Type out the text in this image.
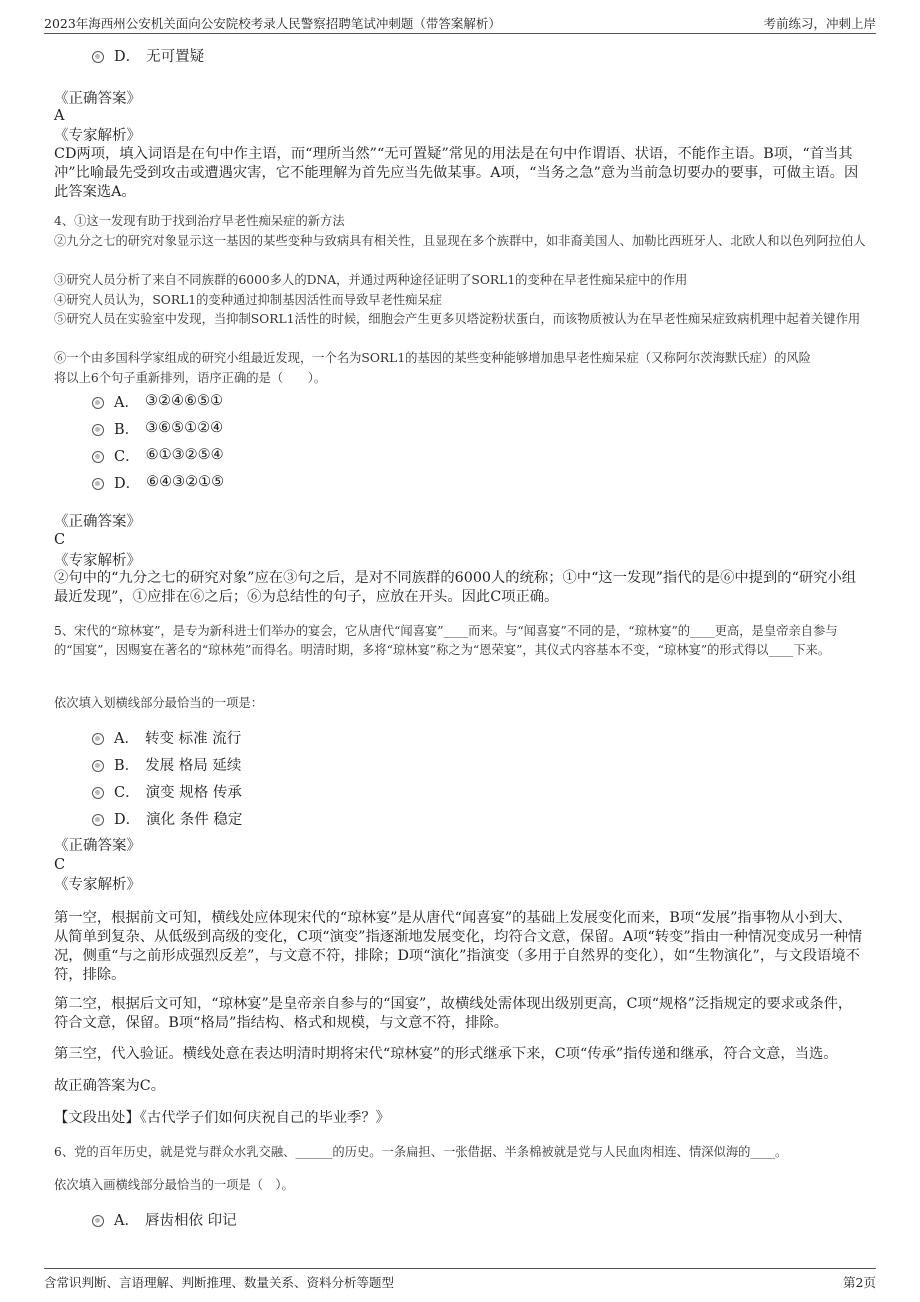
2023年海西州公安机关面向公安院校考录人民警察招聘笔试冲刺题（带答案解析）	考前练习，冲刺上岸
D． 无可置疑
《正确答案》
A
《专家解析》
CD两项，填入词语是在句中作主语，而“理所当然”“无可置疑”常见的用法是在句中作谓语、状语，不能作主语。B项，“首当其冲”比喻最先受到攻击或遭遇灾害，它不能理解为首先应当先做某事。A项，“当务之急”意为当前急切要办的要事，可做主语。因此答案选A。
4、①这一发现有助于找到治疗早老性痴呆症的新方法
②九分之七的研究对象显示这一基因的某些变种与致病具有相关性，且显现在多个族群中，如非裔美国人、加勒比西班牙人、北欧人和以色列阿拉伯人
③研究人员分析了来自不同族群的6000多人的DNA，并通过两种途径证明了SORL1的变种在早老性痴呆症中的作用
④研究人员认为，SORL1的变种通过抑制基因活性而导致早老性痴呆症
⑤研究人员在实验室中发现，当抑制SORL1活性的时候，细胞会产生更多贝塔淀粉状蛋白，而该物质被认为在早老性痴呆症致病机理中起着关键作用
⑥一个由多国科学家组成的研究小组最近发现，一个名为SORL1的基因的某些变种能够增加患早老性痴呆症（又称阿尔茨海默氏症）的风险
将以上6个句子重新排列，语序正确的是（　　）。
A． ③②④⑥⑤①
B． ③⑥⑤①②④
C． ⑥①③②⑤④
D． ⑥④③②①⑤
《正确答案》
C
《专家解析》
②句中的“九分之七的研究对象”应在③句之后，是对不同族群的6000人的统称；①中“这一发现”指代的是⑥中提到的“研究小组最近发现”，①应排在⑥之后；⑥为总结性的句子，应放在开头。因此C项正确。
5、宋代的“琼林宴”，是专为新科进士们举办的宴会，它从唐代“闻喜宴”____而来。与“闻喜宴”不同的是，“琼林宴”的____更高，是皇帝亲自参与的“国宴”，因赐宴在著名的“琼林苑”而得名。明清时期，多将“琼林宴”称之为“恩荣宴”，其仪式内容基本不变，“琼林宴”的形式得以____下来。
依次填入划横线部分最恰当的一项是：
A． 转变 标准 流行
B． 发展 格局 延续
C． 演变 规格 传承
D． 演化 条件 稳定
《正确答案》
C
《专家解析》
第一空，根据前文可知，横线处应体现宋代的“琼林宴”是从唐代“闻喜宴”的基础上发展变化而来，B项“发展”指事物从小到大、从简单到复杂、从低级到高级的变化，C项“演变”指逐渐地发展变化，均符合文意，保留。A项“转变”指由一种情况变成另一种情况，侧重“与之前形成强烈反差”，与文意不符，排除；D项“演化”指演变（多用于自然界的变化），如“生物演化”，与文段语境不符，排除。
第二空，根据后文可知，“琼林宴”是皇帝亲自参与的“国宴”，故横线处需体现出级别更高，C项“规格”泛指规定的要求或条件，符合文意，保留。B项“格局”指结构、格式和规模，与文意不符，排除。
第三空，代入验证。横线处意在表达明清时期将宋代“琼林宴”的形式继承下来，C项“传承”指传递和继承，符合文意，当选。
故正确答案为C。
【文段出处】《古代学子们如何庆祝自己的毕业季？》
6、党的百年历史，就是党与群众水乳交融、______的历史。一条扁担、一张借据、半条棉被就是党与人民血肉相连、情深似海的____。
依次填入画横线部分最恰当的一项是（　）。
A． 唇齿相依 印记
含常识判断、言语理解、判断推理、数量关系、资料分析等题型	第2页
